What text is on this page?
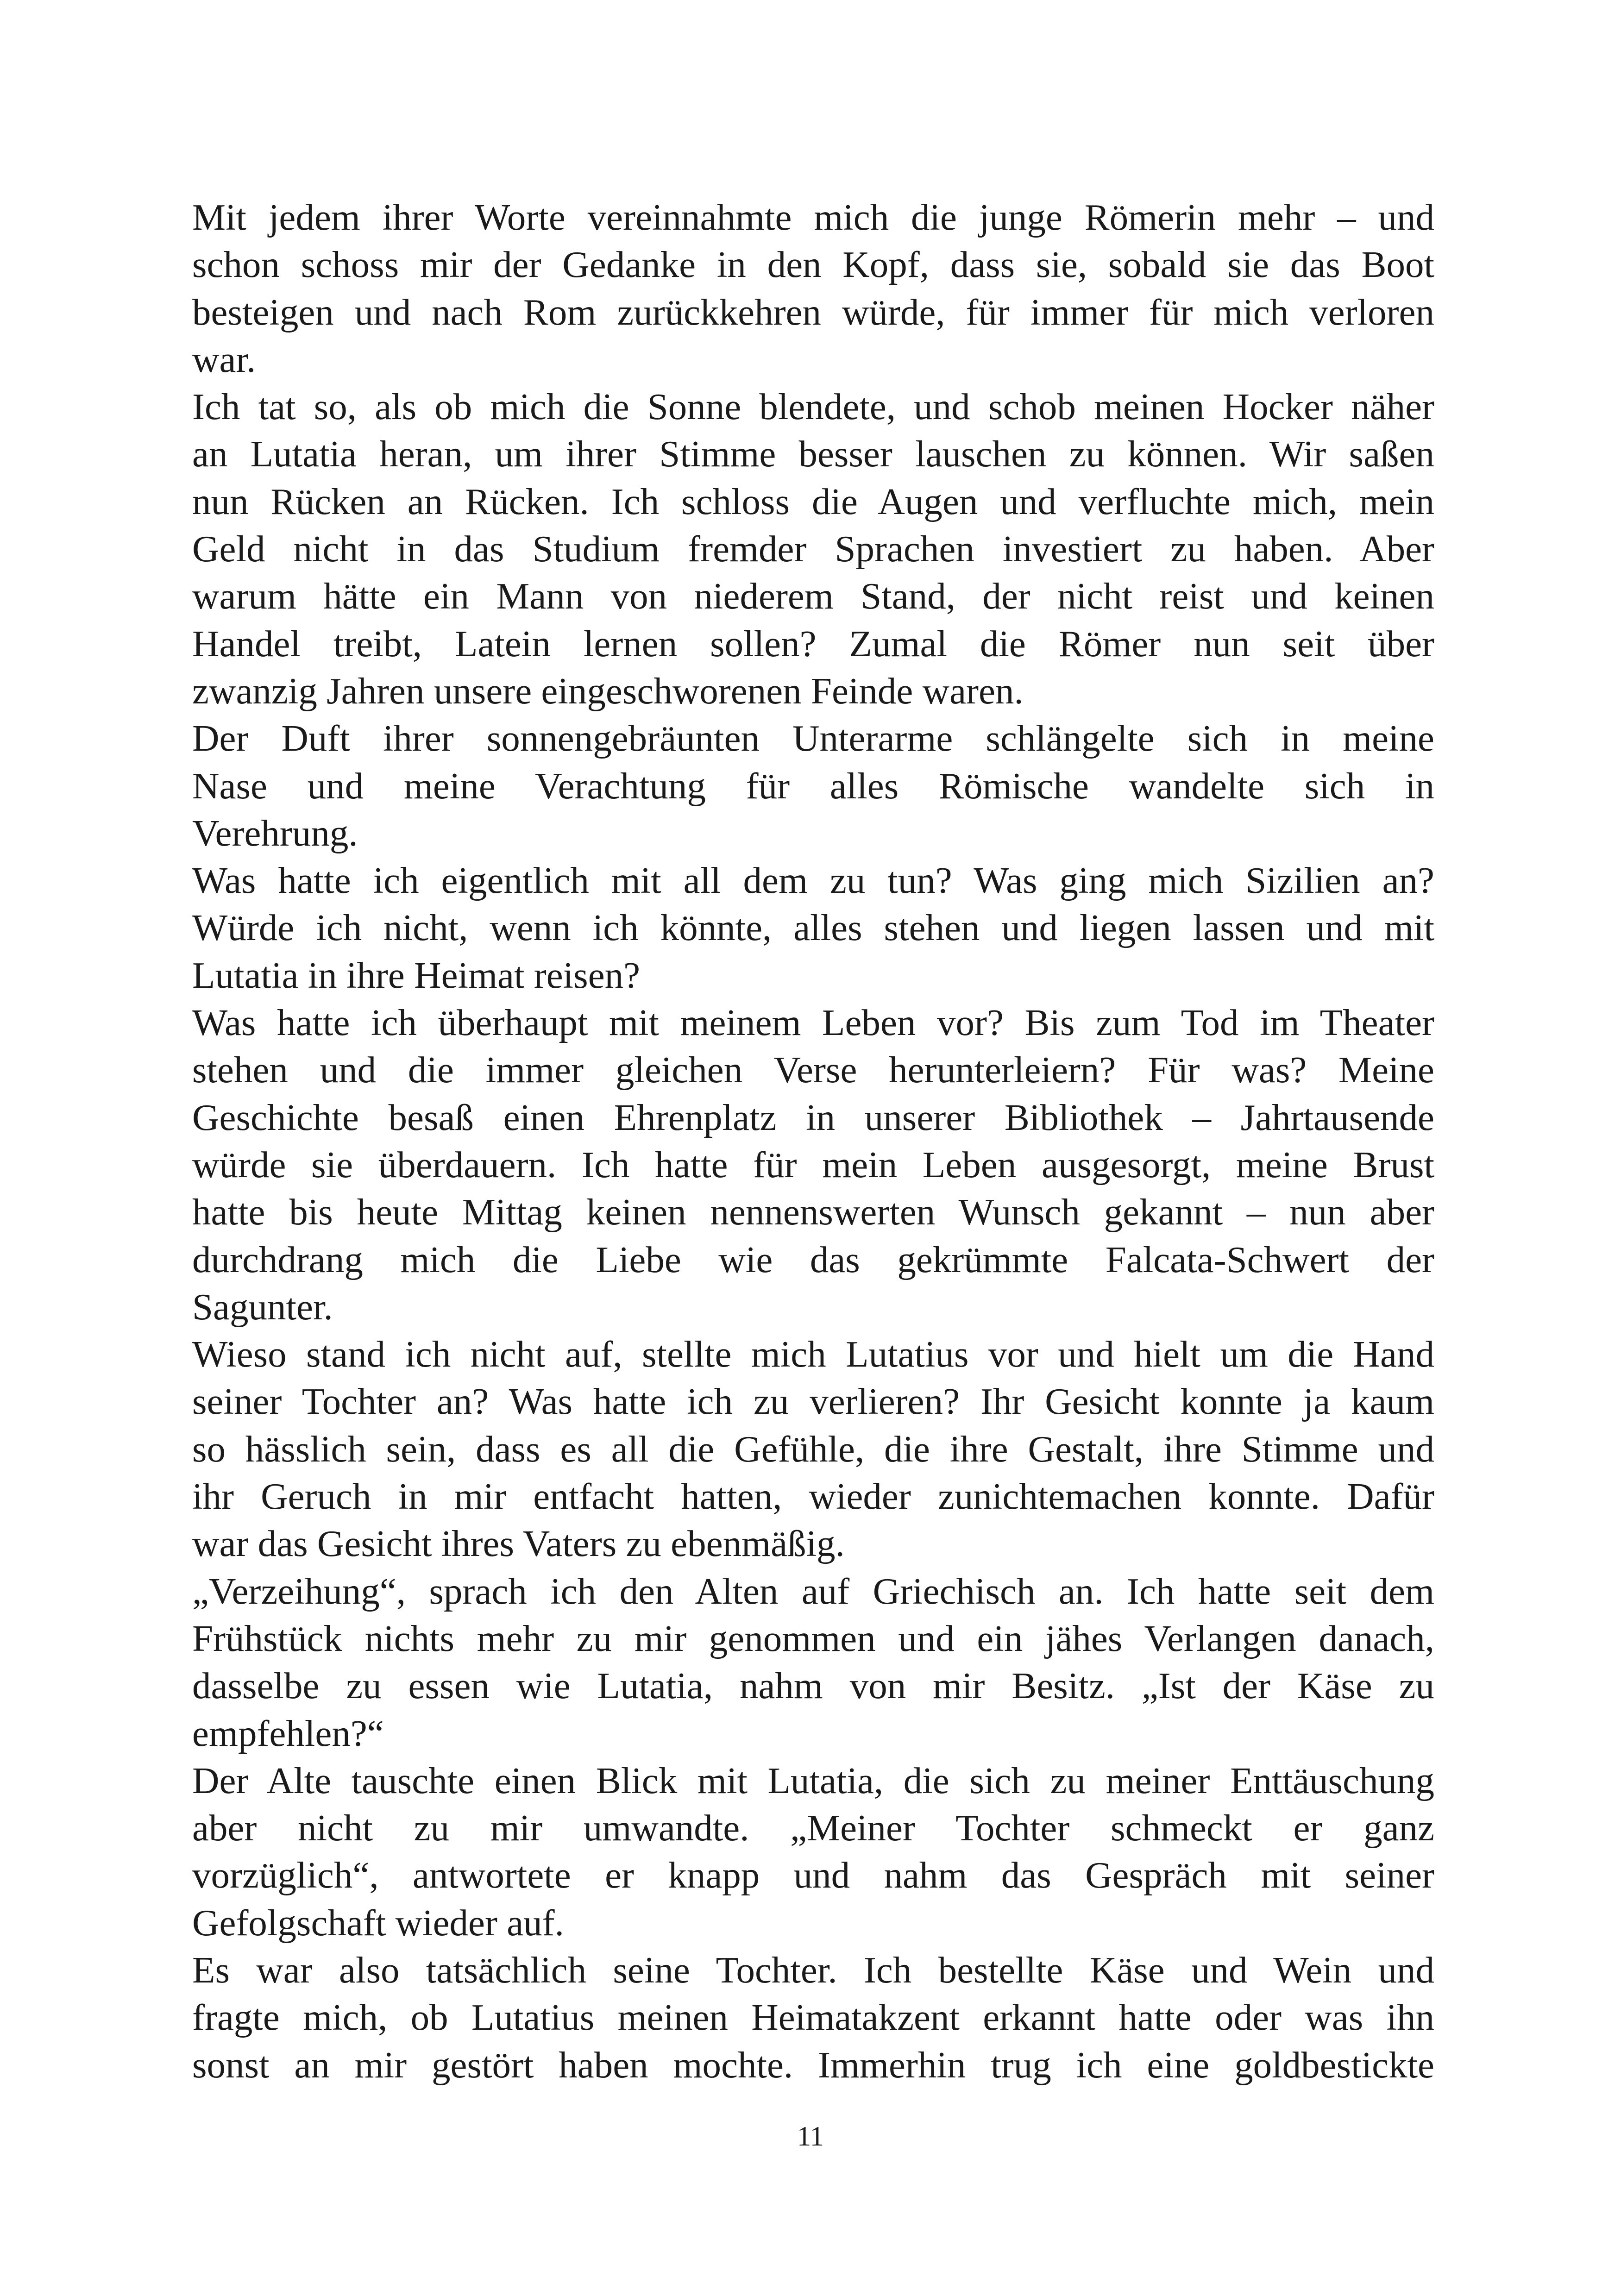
Mit jedem ihrer Worte vereinnahmte mich die junge Römerin mehr – und
schon schoss mir der Gedanke in den Kopf, dass sie, sobald sie das Boot
besteigen und nach Rom zurückkehren würde, für immer für mich verloren
war.
Ich tat so, als ob mich die Sonne blendete, und schob meinen Hocker näher
an Lutatia heran, um ihrer Stimme besser lauschen zu können. Wir saßen
nun Rücken an Rücken. Ich schloss die Augen und verfluchte mich, mein
Geld nicht in das Studium fremder Sprachen investiert zu haben. Aber
warum hätte ein Mann von niederem Stand, der nicht reist und keinen
Handel treibt, Latein lernen sollen? Zumal die Römer nun seit über
zwanzig Jahren unsere eingeschworenen Feinde waren.
Der Duft ihrer sonnengebräunten Unterarme schlängelte sich in meine
Nase und meine Verachtung für alles Römische wandelte sich in
Verehrung.
Was hatte ich eigentlich mit all dem zu tun? Was ging mich Sizilien an?
Würde ich nicht, wenn ich könnte, alles stehen und liegen lassen und mit
Lutatia in ihre Heimat reisen?
Was hatte ich überhaupt mit meinem Leben vor? Bis zum Tod im Theater
stehen und die immer gleichen Verse herunterleiern? Für was? Meine
Geschichte besaß einen Ehrenplatz in unserer Bibliothek – Jahrtausende
würde sie überdauern. Ich hatte für mein Leben ausgesorgt, meine Brust
hatte bis heute Mittag keinen nennenswerten Wunsch gekannt – nun aber
durchdrang mich die Liebe wie das gekrümmte Falcata-Schwert der
Sagunter.
Wieso stand ich nicht auf, stellte mich Lutatius vor und hielt um die Hand
seiner Tochter an? Was hatte ich zu verlieren? Ihr Gesicht konnte ja kaum
so hässlich sein, dass es all die Gefühle, die ihre Gestalt, ihre Stimme und
ihr Geruch in mir entfacht hatten, wieder zunichtemachen konnte. Dafür
war das Gesicht ihres Vaters zu ebenmäßig.
„Verzeihung“, sprach ich den Alten auf Griechisch an. Ich hatte seit dem
Frühstück nichts mehr zu mir genommen und ein jähes Verlangen danach,
dasselbe zu essen wie Lutatia, nahm von mir Besitz. „Ist der Käse zu
empfehlen?“
Der Alte tauschte einen Blick mit Lutatia, die sich zu meiner Enttäuschung
aber nicht zu mir umwandte. „Meiner Tochter schmeckt er ganz
vorzüglich“, antwortete er knapp und nahm das Gespräch mit seiner
Gefolgschaft wieder auf.
Es war also tatsächlich seine Tochter. Ich bestellte Käse und Wein und
fragte mich, ob Lutatius meinen Heimatakzent erkannt hatte oder was ihn
sonst an mir gestört haben mochte. Immerhin trug ich eine goldbestickte
11
